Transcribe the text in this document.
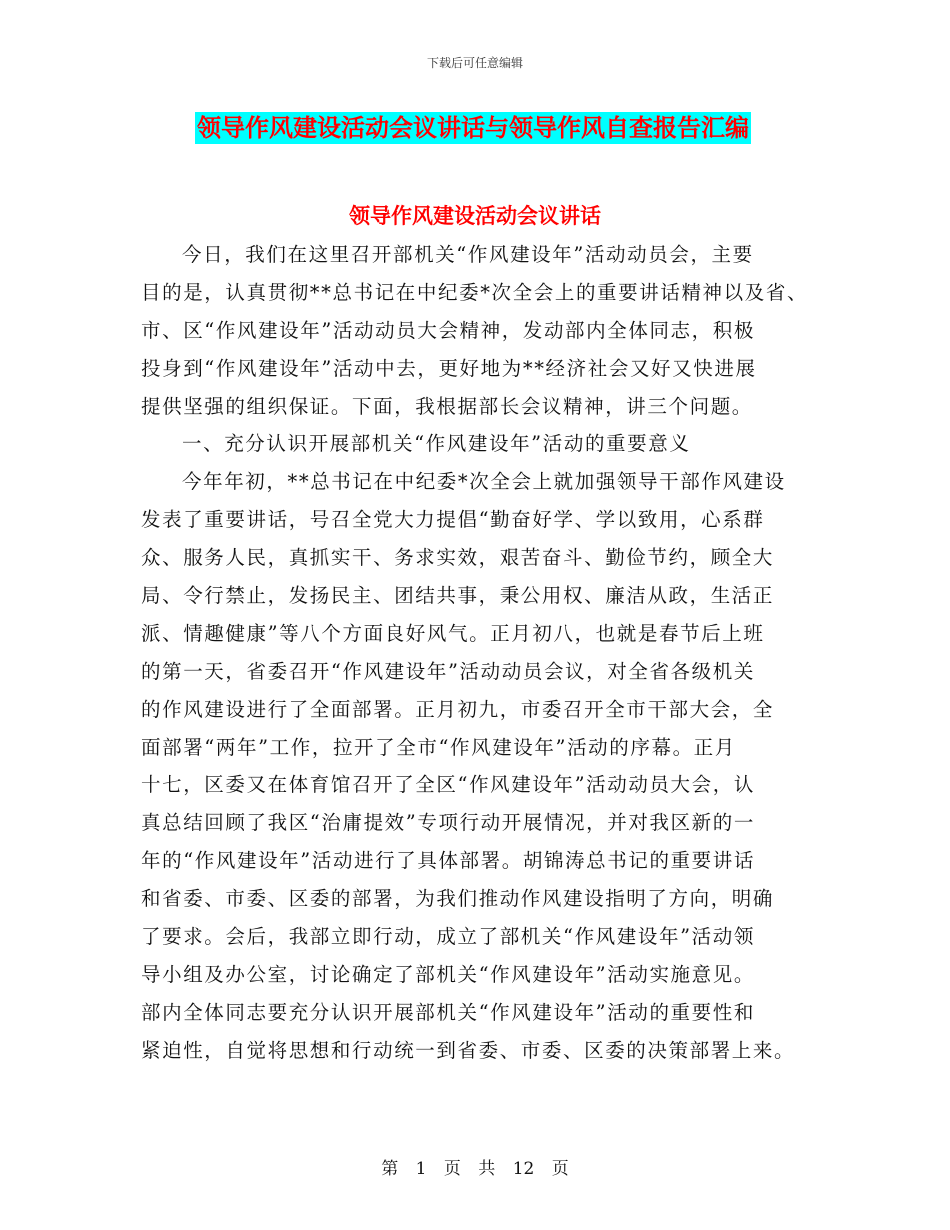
下载后可任意编辑
领导作风建设活动会议讲话与领导作风自查报告汇编
领导作风建设活动会议讲话
今日，我们在这里召开部机关“作风建设年”活动动员会，主要
目的是，认真贯彻**总书记在中纪委*次全会上的重要讲话精神以及省、
市、区“作风建设年”活动动员大会精神，发动部内全体同志，积极
投身到“作风建设年”活动中去，更好地为**经济社会又好又快进展
提供坚强的组织保证。下面，我根据部长会议精神，讲三个问题。
一、充分认识开展部机关“作风建设年”活动的重要意义
今年年初，**总书记在中纪委*次全会上就加强领导干部作风建设
发表了重要讲话，号召全党大力提倡“勤奋好学、学以致用，心系群
众、服务人民，真抓实干、务求实效，艰苦奋斗、勤俭节约，顾全大
局、令行禁止，发扬民主、团结共事，秉公用权、廉洁从政，生活正
派、情趣健康”等八个方面良好风气。正月初八，也就是春节后上班
的第一天，省委召开“作风建设年”活动动员会议，对全省各级机关
的作风建设进行了全面部署。正月初九，市委召开全市干部大会，全
面部署“两年”工作，拉开了全市“作风建设年”活动的序幕。正月
十七，区委又在体育馆召开了全区“作风建设年”活动动员大会，认
真总结回顾了我区“治庸提效”专项行动开展情况，并对我区新的一
年的“作风建设年”活动进行了具体部署。胡锦涛总书记的重要讲话
和省委、市委、区委的部署，为我们推动作风建设指明了方向，明确
了要求。会后，我部立即行动，成立了部机关“作风建设年”活动领
导小组及办公室，讨论确定了部机关“作风建设年”活动实施意见。
部内全体同志要充分认识开展部机关“作风建设年”活动的重要性和
紧迫性，自觉将思想和行动统一到省委、市委、区委的决策部署上来。
第 1 页 共 12 页
